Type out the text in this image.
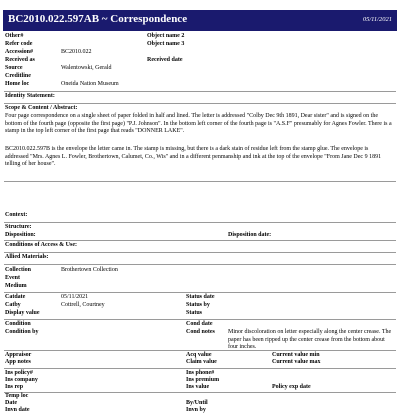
BC2010.022.597AB ~ Correspondence	05/11/2021
Other#
Refer code
Accession#	BC2010.022
Received as
Source	Walentowski, Gerald
Creditline
Home loc	Oneida Nation Museum
Object name 2
Object name 3
Received date
Identity Statement:
Scope & Content / Abstract:
Four page correspondence on a single sheet of paper folded in half and lined. The letter is addressed "Colby Dec 9th 1891, Dear sister" and is signed on the bottom of the fourth page (opposite the first page) "P.J. Johnson". In the bottom left corner of the fourth page is "A.S.F" presumably for Agnes Fowler. There is a stamp in the top left corner of the first page that reads "DONNER LAKE".
BC2010.022.597B is the envelope the letter came in. The stamp is missing, but there is a dark stain of residue left from the stamp glue. The envelope is addressed "Mrs. Agnes L. Fowler, Brothertown, Calumet, Co., Wis" and in a different penmanship and ink at the top of the envelope "From Jane Dec 9 1891 telling of her house".
Context:
Structure:
Disposition:	Disposition date:
Conditions of Access & Use:
Allied Materials:
Collection	Brothertown Collection
Event
Medium
Catdate	05/11/2021
Catby	Cottrell, Courtney
Display value
Status date
Status by
Status
Condition
Condition by
Cond date
Cond notes Minor discoloration on letter especially along the center crease. The paper has been ripped up the center crease from the bottom about four inches.
Appraisor
App notes
Acq value
Claim value
Current value min
Current value max
Ins policy#
Ins company
Ins rep
Ins phone#
Ins premium
Ins value	Policy exp date
Temp loc
Date
Invn date
By/Until
Invn by
